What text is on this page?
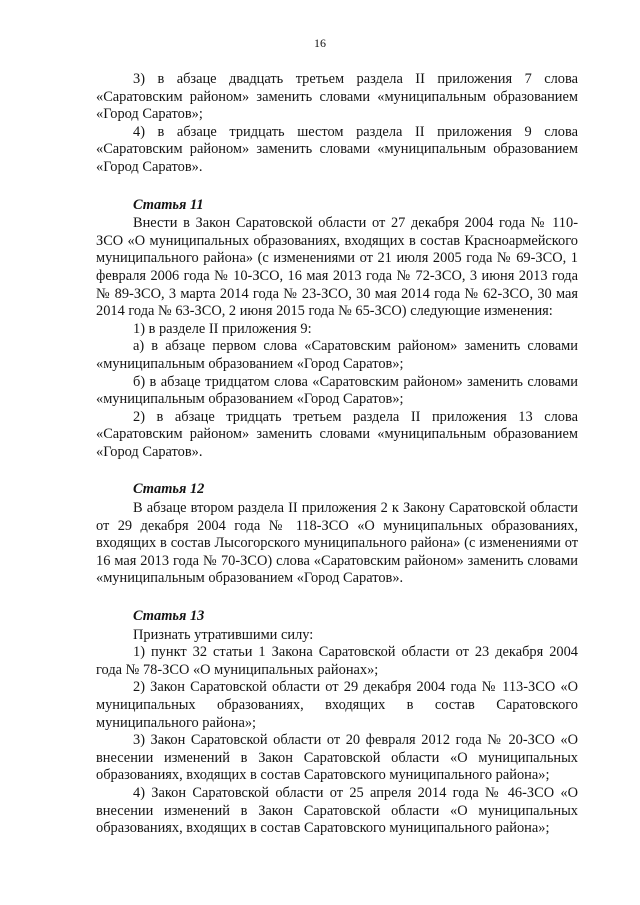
16

3) в абзаце двадцать третьем раздела II приложения 7 слова «Саратовским районом» заменить словами «муниципальным образованием «Город Саратов»;

4) в абзаце тридцать шестом раздела II приложения 9 слова «Саратовским районом» заменить словами «муниципальным образованием «Город Саратов».

Статья 11

Внести в Закон Саратовской области от 27 декабря 2004 года № 110-ЗСО «О муниципальных образованиях, входящих в состав Красноармейского муниципального района» (с изменениями от 21 июля 2005 года № 69-ЗСО, 1 февраля 2006 года № 10-ЗСО, 16 мая 2013 года № 72-ЗСО, 3 июня 2013 года № 89-ЗСО, 3 марта 2014 года № 23-ЗСО, 30 мая 2014 года № 62-ЗСО, 30 мая 2014 года № 63-ЗСО, 2 июня 2015 года № 65-ЗСО) следующие изменения:

1) в разделе II приложения 9:

а) в абзаце первом слова «Саратовским районом» заменить словами «муниципальным образованием «Город Саратов»;

б) в абзаце тридцатом слова «Саратовским районом» заменить словами «муниципальным образованием «Город Саратов»;

2) в абзаце тридцать третьем раздела II приложения 13 слова «Саратовским районом» заменить словами «муниципальным образованием «Город Саратов».

Статья 12

В абзаце втором раздела II приложения 2 к Закону Саратовской области от 29 декабря 2004 года № 118-ЗСО «О муниципальных образованиях, входящих в состав Лысогорского муниципального района» (с изменениями от 16 мая 2013 года № 70-ЗСО) слова «Саратовским районом» заменить словами «муниципальным образованием «Город Саратов».

Статья 13

Признать утратившими силу:

1) пункт 32 статьи 1 Закона Саратовской области от 23 декабря 2004 года № 78-ЗСО «О муниципальных районах»;

2) Закон Саратовской области от 29 декабря 2004 года № 113-ЗСО «О муниципальных образованиях, входящих в состав Саратовского муниципального района»;

3) Закон Саратовской области от 20 февраля 2012 года № 20-ЗСО «О внесении изменений в Закон Саратовской области «О муниципальных образованиях, входящих в состав Саратовского муниципального района»;

4) Закон Саратовской области от 25 апреля 2014 года № 46-ЗСО «О внесении изменений в Закон Саратовской области «О муниципальных образованиях, входящих в состав Саратовского муниципального района»;
